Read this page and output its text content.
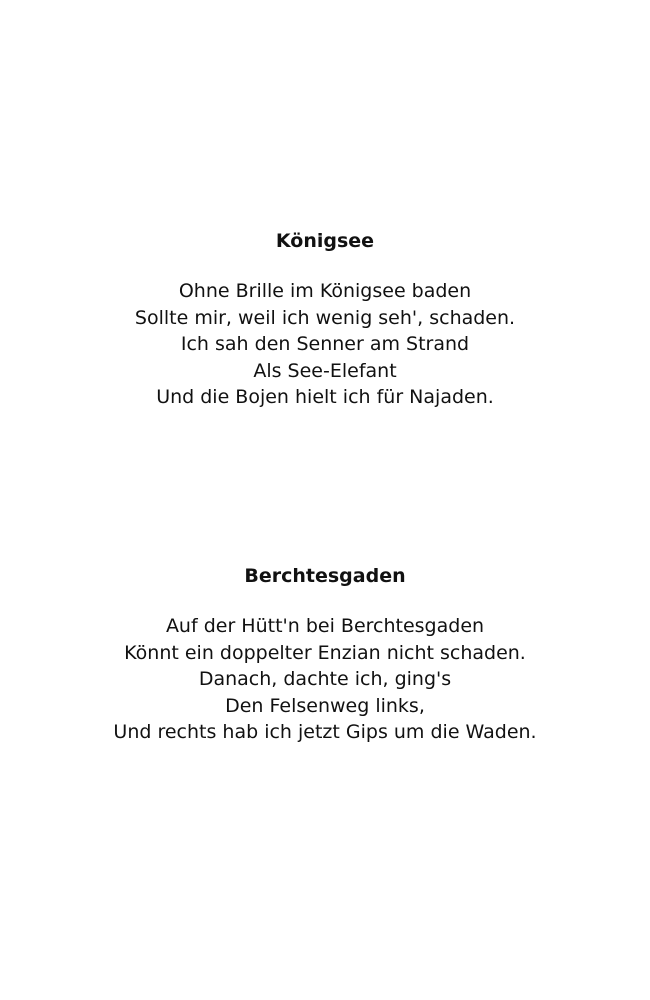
Königsee
Ohne Brille im Königsee baden
Sollte mir, weil ich wenig seh', schaden.
Ich sah den Senner am Strand
Als See-Elefant
Und die Bojen hielt ich für Najaden.
Berchtesgaden
Auf der Hütt'n bei Berchtesgaden
Könnt ein doppelter Enzian nicht schaden.
Danach, dachte ich, ging's
Den Felsenweg links,
Und rechts hab ich jetzt Gips um die Waden.
